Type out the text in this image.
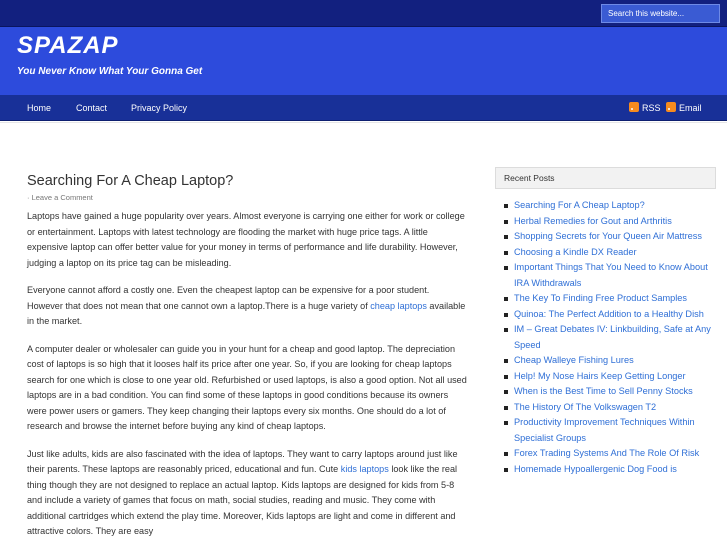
Search this website...
SPAZAP
You Never Know What Your Gonna Get
Home	Contact	Privacy Policy	RSS	Email
Searching For A Cheap Laptop?
· Leave a Comment

Laptops have gained a huge popularity over years. Almost everyone is carrying one either for work or college or entertainment. Laptops with latest technology are flooding the market with huge price tags. A little expensive laptop can offer better value for your money in terms of performance and life durability. However, judging a laptop on its price tag can be misleading.

Everyone cannot afford a costly one. Even the cheapest laptop can be expensive for a poor student. However that does not mean that one cannot own a laptop.There is a huge variety of cheap laptops available in the market.

A computer dealer or wholesaler can guide you in your hunt for a cheap and good laptop. The depreciation cost of laptops is so high that it looses half its price after one year. So, if you are looking for cheap laptops search for one which is close to one year old. Refurbished or used laptops, is also a good option. Not all used laptops are in a bad condition. You can find some of these laptops in good conditions because its owners were power users or gamers. They keep changing their laptops every six months. One should do a lot of research and browse the internet before buying any kind of cheap laptops.

Just like adults, kids are also fascinated with the idea of laptops. They want to carry laptops around just like their parents. These laptops are reasonably priced, educational and fun. Cute kids laptops look like the real thing though they are not designed to replace an actual laptop. Kids laptops are designed for kids from 5-8 and include a variety of games that focus on math, social studies, reading and music. They come with additional cartridges which extend the play time. Moreover, Kids laptops are light and come in different and attractive colors. They are easy

Recent Posts
Searching For A Cheap Laptop?
Herbal Remedies for Gout and Arthritis
Shopping Secrets for Your Queen Air Mattress
Choosing a Kindle DX Reader
Important Things That You Need to Know About IRA Withdrawals
The Key To Finding Free Product Samples
Quinoa: The Perfect Addition to a Healthy Dish
IM – Great Debates IV: Linkbuilding, Safe at Any Speed
Cheap Walleye Fishing Lures
Help! My Nose Hairs Keep Getting Longer
When is the Best Time to Sell Penny Stocks
The History Of The Volkswagen T2
Productivity Improvement Techniques Within Specialist Groups
Forex Trading Systems And The Role Of Risk
Homemade Hypoallergenic Dog Food is
